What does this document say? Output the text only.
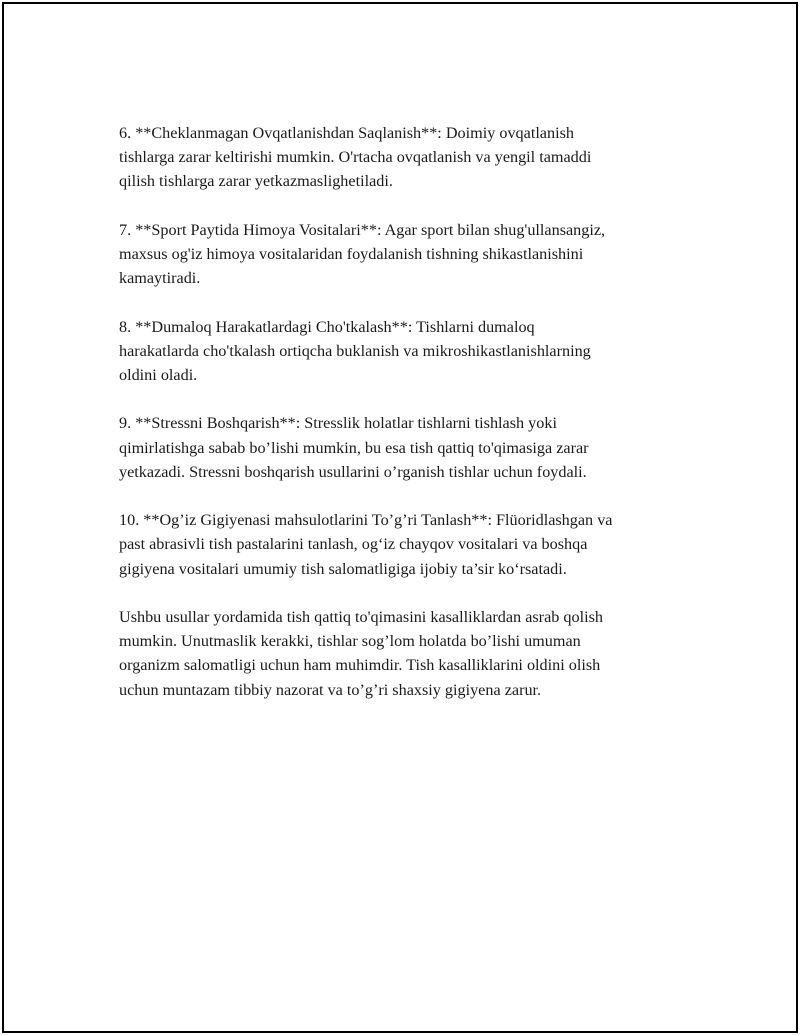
6. **Cheklanmagan Ovqatlanishdan Saqlanish**: Doimiy ovqatlanish
tishlarga zarar keltirishi mumkin. O'rtacha ovqatlanish va yengil tamaddi
qilish tishlarga zarar yetkazmaslighetiladi.

7. **Sport Paytida Himoya Vositalari**: Agar sport bilan shug'ullansangiz,
maxsus og'iz himoya vositalaridan foydalanish tishning shikastlanishini
kamaytiradi.

8. **Dumaloq Harakatlardagi Cho'tkalash**: Tishlarni dumaloq
harakatlarda cho'tkalash ortiqcha buklanish va mikroshikastlanishlarning
oldini oladi.

9. **Stressni Boshqarish**: Stresslik holatlar tishlarni tishlash yoki
qimirlatishga sabab bo’lishi mumkin, bu esa tish qattiq to'qimasiga zarar
yetkazadi. Stressni boshqarish usullarini o’rganish tishlar uchun foydali.

10. **Og’iz Gigiyenasi mahsulotlarini To’g’ri Tanlash**: Flüoridlashgan va
past abrasivli tish pastalarini tanlash, og‘iz chayqov vositalari va boshqa
gigiyena vositalari umumiy tish salomatligiga ijobiy ta’sir ko‘rsatadi.

Ushbu usullar yordamida tish qattiq to'qimasini kasalliklardan asrab qolish
mumkin. Unutmaslik kerakki, tishlar sog’lom holatda bo’lishi umuman
organizm salomatligi uchun ham muhimdir. Tish kasalliklarini oldini olish
uchun muntazam tibbiy nazorat va to’g’ri shaxsiy gigiyena zarur.
